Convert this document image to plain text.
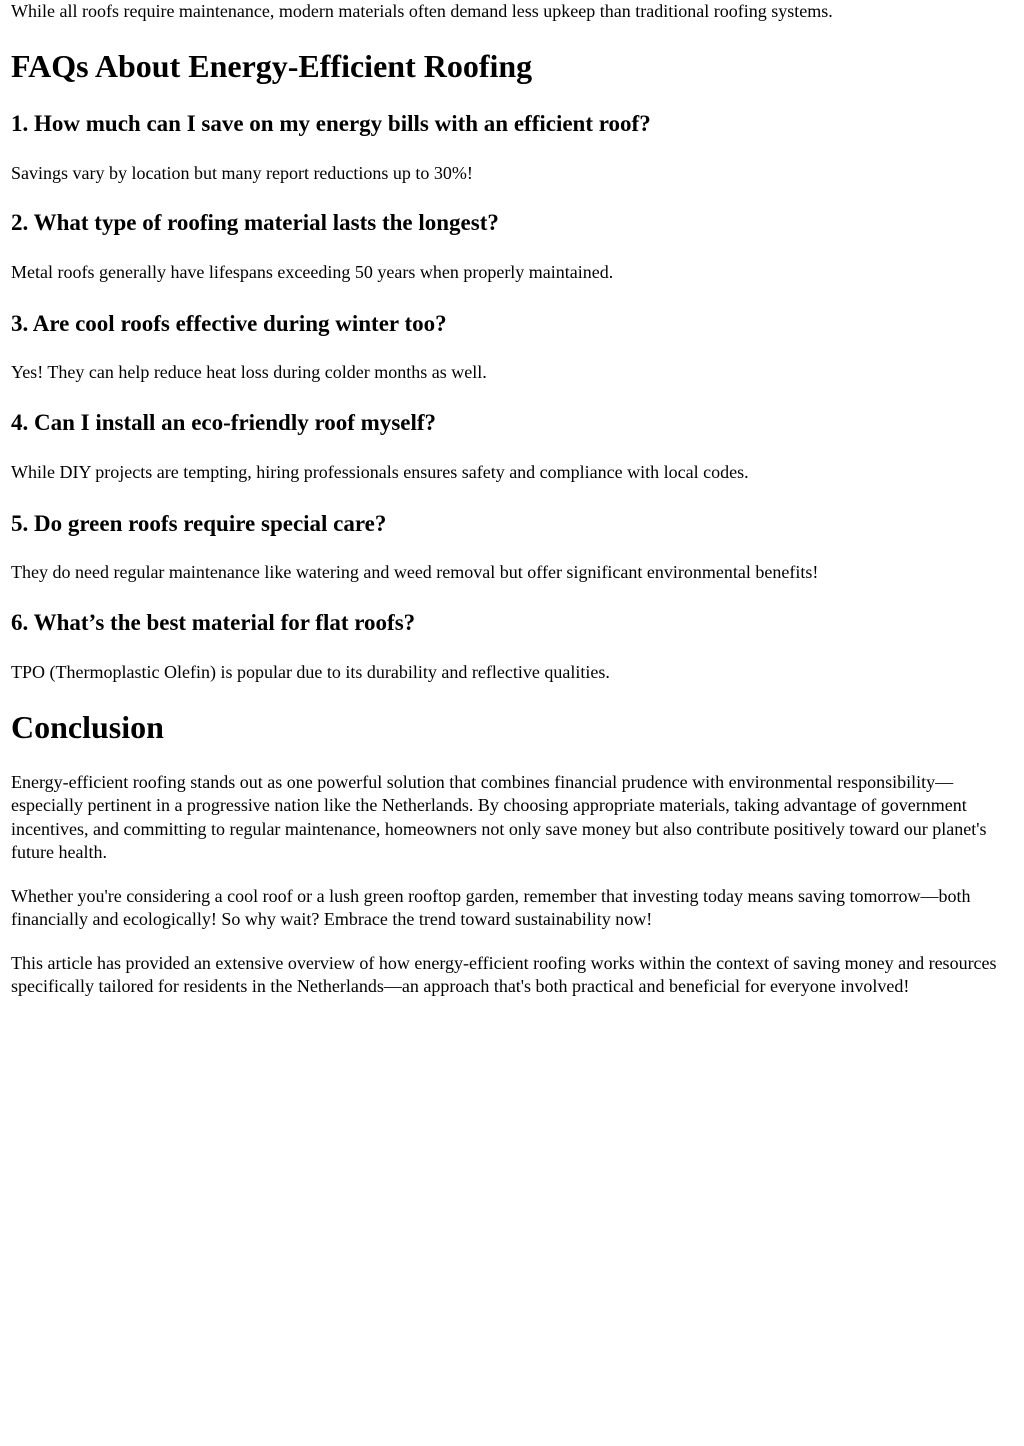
While all roofs require maintenance, modern materials often demand less upkeep than traditional roofing systems.

FAQs About Energy-Efficient Roofing
1. How much can I save on my energy bills with an efficient roof?

Savings vary by location but many report reductions up to 30%!

2. What type of roofing material lasts the longest?

Metal roofs generally have lifespans exceeding 50 years when properly maintained.

3. Are cool roofs effective during winter too?

Yes! They can help reduce heat loss during colder months as well.

4. Can I install an eco-friendly roof myself?

While DIY projects are tempting, hiring professionals ensures safety and compliance with local codes.

5. Do green roofs require special care?

They do need regular maintenance like watering and weed removal but offer significant environmental benefits!

6. What’s the best material for flat roofs?

TPO (Thermoplastic Olefin) is popular due to its durability and reflective qualities.

Conclusion

Energy-efficient roofing stands out as one powerful solution that combines financial prudence with environmental responsibility—especially pertinent in a progressive nation like the Netherlands. By choosing appropriate materials, taking advantage of government incentives, and committing to regular maintenance, homeowners not only save money but also contribute positively toward our planet's future health.

Whether you're considering a cool roof or a lush green rooftop garden, remember that investing today means saving tomorrow—both financially and ecologically! So why wait? Embrace the trend toward sustainability now!

This article has provided an extensive overview of how energy-efficient roofing works within the context of saving money and resources specifically tailored for residents in the Netherlands—an approach that's both practical and beneficial for everyone involved!
